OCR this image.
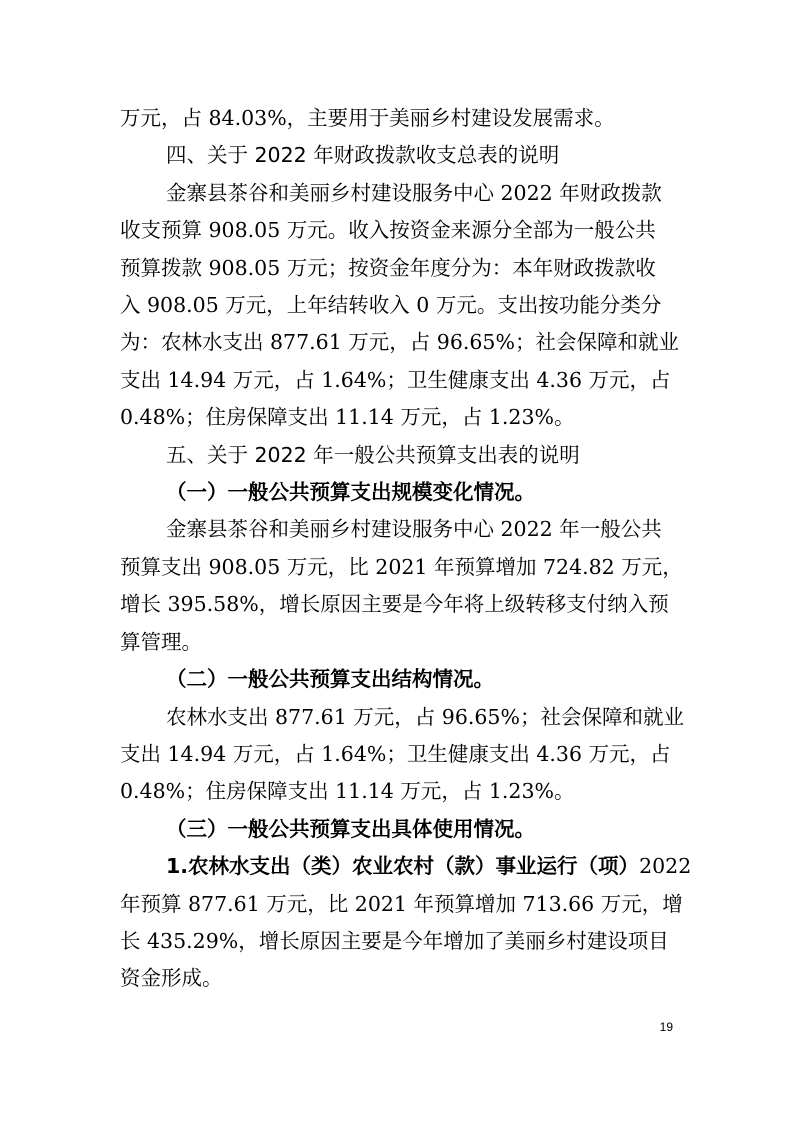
万元，占 84.03%，主要用于美丽乡村建设发展需求。
四、关于 2022 年财政拨款收支总表的说明
金寨县茶谷和美丽乡村建设服务中心 2022 年财政拨款
收支预算 908.05 万元。收入按资金来源分全部为一般公共
预算拨款 908.05 万元；按资金年度分为：本年财政拨款收
入 908.05 万元，上年结转收入 0 万元。支出按功能分类分
为：农林水支出 877.61 万元，占 96.65%；社会保障和就业
支出 14.94 万元，占 1.64%；卫生健康支出 4.36 万元，占
0.48%；住房保障支出 11.14 万元，占 1.23%。
五、关于 2022 年一般公共预算支出表的说明
（一）一般公共预算支出规模变化情况。
金寨县茶谷和美丽乡村建设服务中心 2022 年一般公共
预算支出 908.05 万元，比 2021 年预算增加 724.82 万元，
增长 395.58%，增长原因主要是今年将上级转移支付纳入预
算管理。
（二）一般公共预算支出结构情况。
农林水支出 877.61 万元，占 96.65%；社会保障和就业
支出 14.94 万元，占 1.64%；卫生健康支出 4.36 万元，占
0.48%；住房保障支出 11.14 万元，占 1.23%。
（三）一般公共预算支出具体使用情况。
1.农林水支出（类）农业农村（款）事业运行（项）2022
年预算 877.61 万元，比 2021 年预算增加 713.66 万元，增
长 435.29%，增长原因主要是今年增加了美丽乡村建设项目
资金形成。
19
